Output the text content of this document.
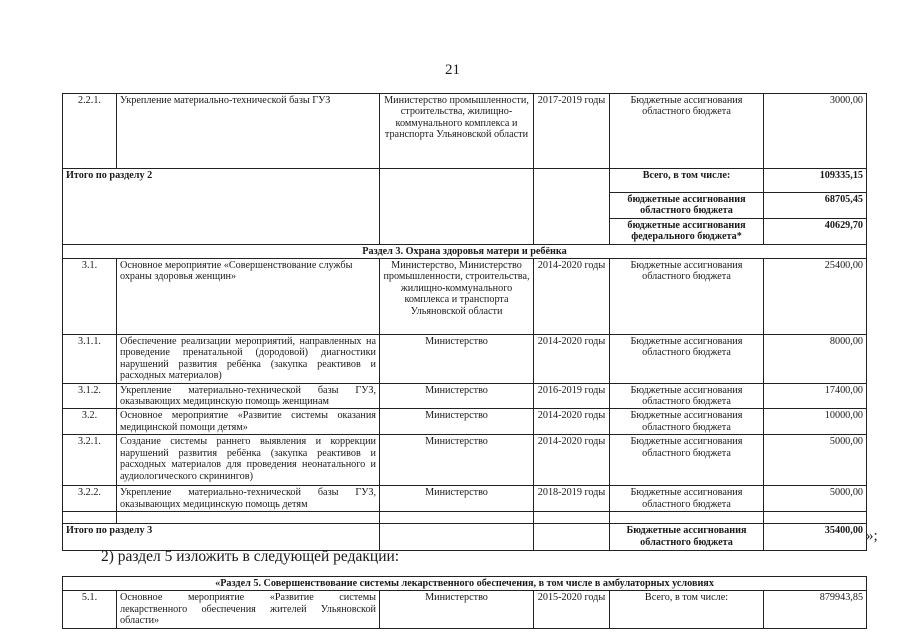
21
2.2.1.	Укрепление материально-технической базы ГУЗ	Министерство промышленности, строительства, жилищно-коммунального комплекса и транспорта Ульяновской области	2017-2019 годы	Бюджетные ассигнования областного бюджета	3000,00
Итого по разделу 2				Всего, в том числе:	109335,15
				бюджетные ассигнования областного бюджета	68705,45
				бюджетные ассигнования федерального бюджета*	40629,70
Раздел 3. Охрана здоровья матери и ребёнка					
3.1.	Основное мероприятие «Совершенствование службы охраны здоровья женщин»	Министерство, Министерство промышленности, строительства, жилищно-коммунального комплекса и транспорта Ульяновской области	2014-2020 годы	Бюджетные ассигнования областного бюджета	25400,00
3.1.1.	Обеспечение реализации мероприятий, направленных на проведение пренатальной (дородовой) диагностики нарушений развития ребёнка (закупка реактивов и расходных материалов)	Министерство	2014-2020 годы	Бюджетные ассигнования областного бюджета	8000,00
3.1.2.	Укрепление материально-технической базы ГУЗ, оказывающих медицинскую помощь женщинам	Министерство	2016-2019 годы	Бюджетные ассигнования областного бюджета	17400,00
3.2.	Основное мероприятие «Развитие системы оказания медицинской помощи детям»	Министерство	2014-2020 годы	Бюджетные ассигнования областного бюджета	10000,00
3.2.1.	Создание системы раннего выявления и коррекции нарушений развития ребёнка (закупка реактивов и расходных материалов для проведения неонатального и аудиологического скринингов)	Министерство	2014-2020 годы	Бюджетные ассигнования областного бюджета	5000,00
3.2.2.	Укрепление материально-технической базы ГУЗ, оказывающих медицинскую помощь детям	Министерство	2018-2019 годы	Бюджетные ассигнования областного бюджета	5000,00

Итого по разделу 3				Бюджетные ассигнования областного бюджета	35400,00 »;
2) раздел 5 изложить в следующей редакции:
«Раздел 5. Совершенствование системы лекарственного обеспечения, в том числе в амбулаторных условиях
5.1.	Основное мероприятие «Развитие системы лекарственного обеспечения жителей Ульяновской области»	Министерство	2015-2020 годы	Всего, в том числе:	879943,85
